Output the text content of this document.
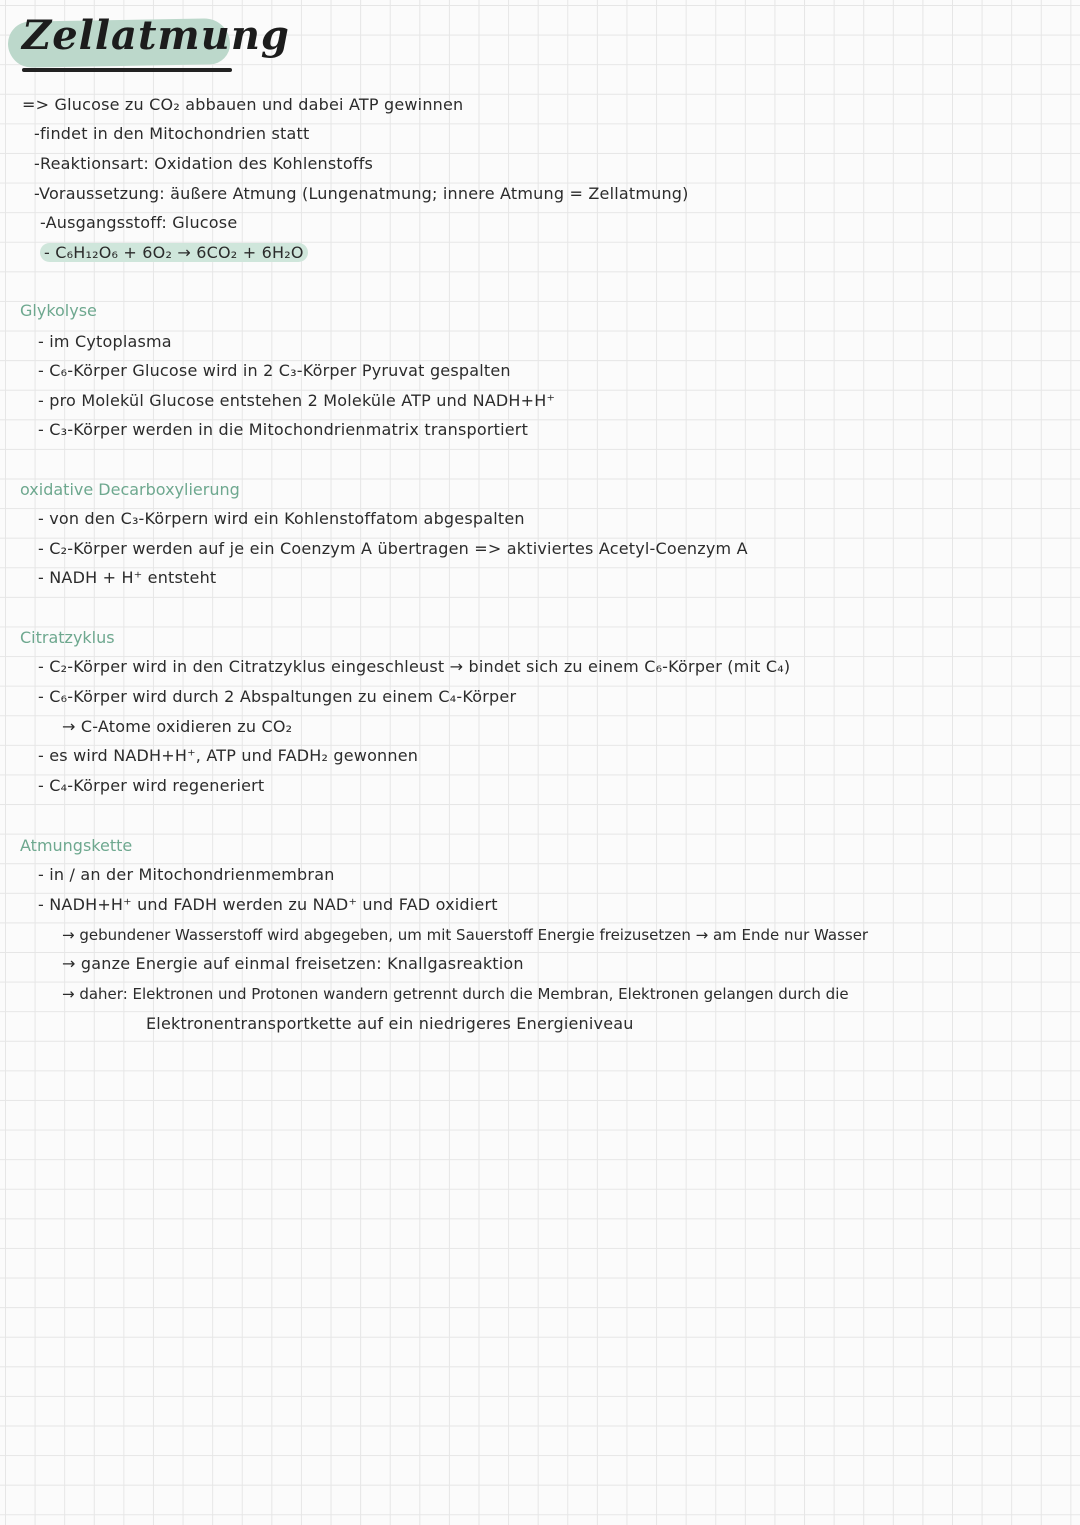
Zellatmung
=> Glucose zu CO₂ abbauen und dabei ATP gewinnen
-findet in den Mitochondrien statt
-Reaktionsart: Oxidation des Kohlenstoffs
-Voraussetzung: äußere Atmung (Lungenatmung; innere Atmung = Zellatmung)
-Ausgangsstoff: Glucose
- C₆H₁₂O₆ + 6O₂ → 6CO₂ + 6H₂O
Glykolyse
- im Cytoplasma
- C₆-Körper Glucose wird in 2 C₃-Körper Pyruvat gespalten
- pro Molekül Glucose entstehen 2 Moleküle ATP und NADH+H⁺
- C₃-Körper werden in die Mitochondrienmatrix transportiert
oxidative Decarboxylierung
- von den C₃-Körpern wird ein Kohlenstoffatom abgespalten
- C₂-Körper werden auf je ein Coenzym A übertragen => aktiviertes Acetyl-Coenzym A
- NADH + H⁺ entsteht
Citratzyklus
- C₂-Körper wird in den Citratzyklus eingeschleust → bindet sich zu einem C₆-Körper (mit C₄)
- C₆-Körper wird durch 2 Abspaltungen zu einem C₄-Körper
→ C-Atome oxidieren zu CO₂
- es wird NADH+H⁺, ATP und FADH₂ gewonnen
- C₄-Körper wird regeneriert
Atmungskette
- in / an der Mitochondrienmembran
- NADH+H⁺ und FADH werden zu NAD⁺ und FAD oxidiert
→ gebundener Wasserstoff wird abgegeben, um mit Sauerstoff Energie freizusetzen → am Ende nur Wasser
→ ganze Energie auf einmal freisetzen: Knallgasreaktion
→ daher: Elektronen und Protonen wandern getrennt durch die Membran, Elektronen gelangen durch die
Elektronentransportkette auf ein niedrigeres Energieniveau
